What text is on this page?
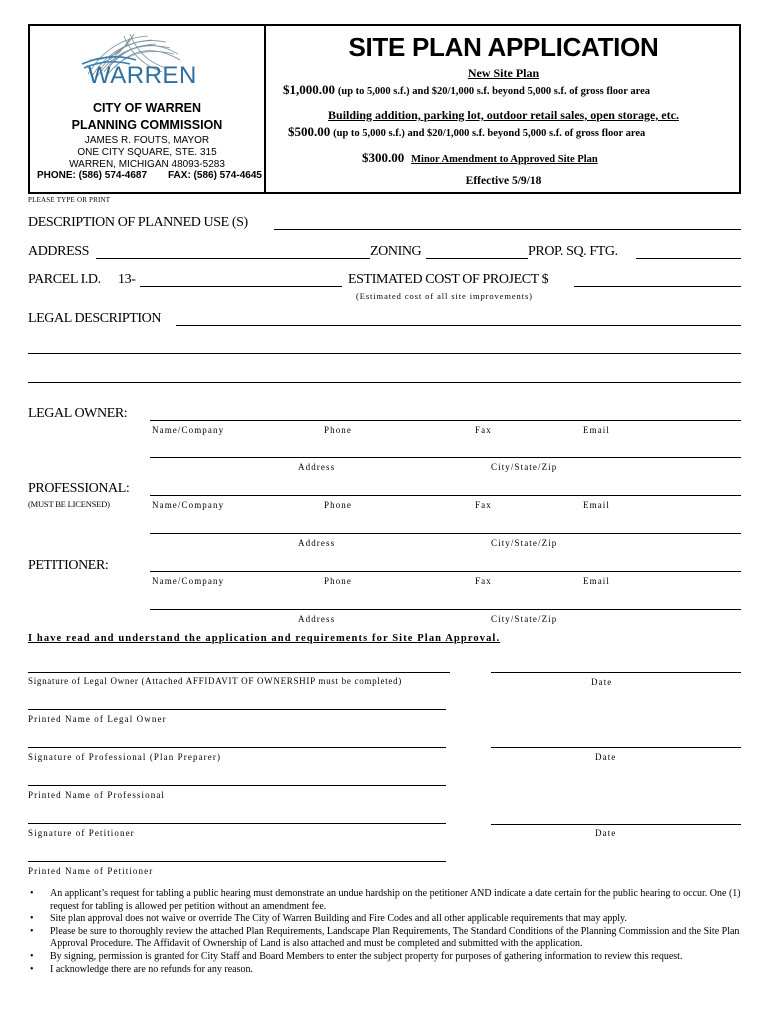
WARREN
CITY OF WARREN
PLANNING COMMISSION
JAMES R. FOUTS, MAYOR
ONE CITY SQUARE, STE. 315
WARREN, MICHIGAN 48093-5283
PHONE: (586) 574-4687 FAX: (586) 574-4645
SITE PLAN APPLICATION
New Site Plan
$1,000.00 (up to 5,000 s.f.) and $20/1,000 s.f. beyond 5,000 s.f. of gross floor area
Building addition, parking lot, outdoor retail sales, open storage, etc.
$500.00 (up to 5,000 s.f.) and $20/1,000 s.f. beyond 5,000 s.f. of gross floor area
$300.00 Minor Amendment to Approved Site Plan
Effective 5/9/18
PLEASE TYPE OR PRINT
DESCRIPTION OF PLANNED USE (S)
ADDRESS	ZONING	PROP. SQ. FTG.
PARCEL I.D. 13-	ESTIMATED COST OF PROJECT $
(Estimated cost of all site improvements)
LEGAL DESCRIPTION
LEGAL OWNER:
Name/Company	Phone	Fax	Email
Address	City/State/Zip
PROFESSIONAL:
(MUST BE LICENSED)	Name/Company	Phone	Fax	Email
Address	City/State/Zip
PETITIONER:
Name/Company	Phone	Fax	Email
Address	City/State/Zip
I have read and understand the application and requirements for Site Plan Approval.
Signature of Legal Owner (Attached AFFIDAVIT OF OWNERSHIP must be completed)	Date
Printed Name of Legal Owner
Signature of Professional (Plan Preparer)	Date
Printed Name of Professional
Signature of Petitioner	Date
Printed Name of Petitioner
• An applicant’s request for tabling a public hearing must demonstrate an undue hardship on the petitioner AND indicate a date certain for the public hearing to occur. One (1) request for tabling is allowed per petition without an amendment fee.
• Site plan approval does not waive or override The City of Warren Building and Fire Codes and all other applicable requirements that may apply.
• Please be sure to thoroughly review the attached Plan Requirements, Landscape Plan Requirements, The Standard Conditions of the Planning Commission and the Site Plan Approval Procedure. The Affidavit of Ownership of Land is also attached and must be completed and submitted with the application.
• By signing, permission is granted for City Staff and Board Members to enter the subject property for purposes of gathering information to review this request.
• I acknowledge there are no refunds for any reason.
